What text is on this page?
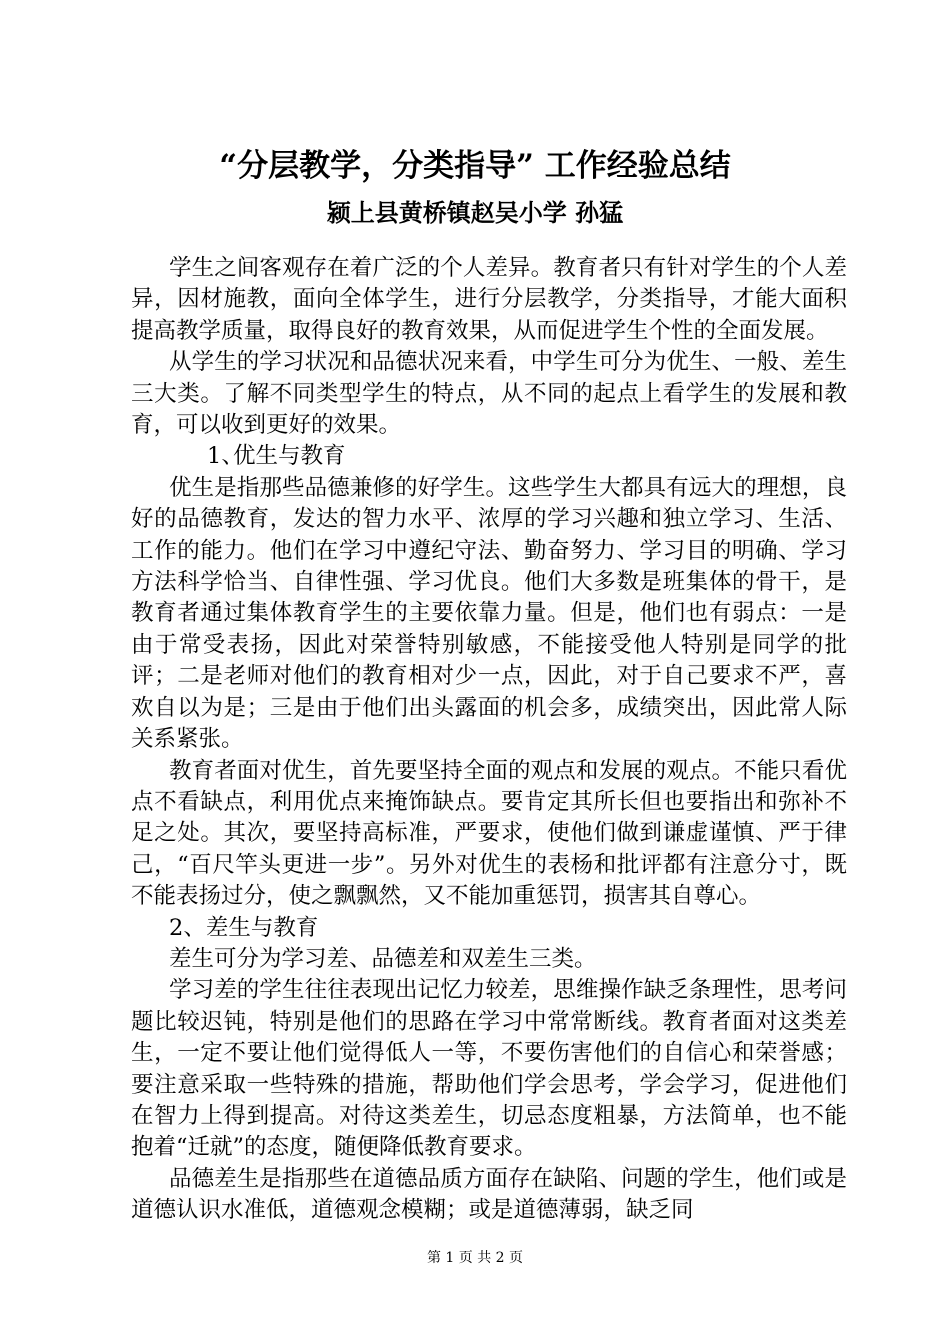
“分层教学，分类指导” 工作经验总结
颍上县黄桥镇赵吴小学 孙猛

学生之间客观存在着广泛的个人差异。教育者只有针对学生的个人差异，因材施教，面向全体学生，进行分层教学，分类指导，才能大面积提高教学质量，取得良好的教育效果，从而促进学生个性的全面发展。

从学生的学习状况和品德状况来看，中学生可分为优生、一般、差生三大类。了解不同类型学生的特点，从不同的起点上看学生的发展和教育，可以收到更好的效果。

1、优生与教育

优生是指那些品德兼修的好学生。这些学生大都具有远大的理想，良好的品德教育，发达的智力水平、浓厚的学习兴趣和独立学习、生活、工作的能力。他们在学习中遵纪守法、勤奋努力、学习目的明确、学习方法科学恰当、自律性强、学习优良。他们大多数是班集体的骨干，是教育者通过集体教育学生的主要依靠力量。但是，他们也有弱点：一是由于常受表扬，因此对荣誉特别敏感，不能接受他人特别是同学的批评；二是老师对他们的教育相对少一点，因此，对于自己要求不严，喜欢自以为是；三是由于他们出头露面的机会多，成绩突出，因此常人际关系紧张。

教育者面对优生，首先要坚持全面的观点和发展的观点。不能只看优点不看缺点，利用优点来掩饰缺点。要肯定其所长但也要指出和弥补不足之处。其次，要坚持高标准，严要求，使他们做到谦虚谨慎、严于律己，“百尺竿头更进一步”。另外对优生的表杨和批评都有注意分寸，既不能表扬过分，使之飘飘然，又不能加重惩罚，损害其自尊心。

2、差生与教育

差生可分为学习差、品德差和双差生三类。

学习差的学生往往表现出记忆力较差，思维操作缺乏条理性，思考问题比较迟钝，特别是他们的思路在学习中常常断线。教育者面对这类差生，一定不要让他们觉得低人一等，不要伤害他们的自信心和荣誉感；要注意采取一些特殊的措施，帮助他们学会思考，学会学习，促进他们在智力上得到提高。对待这类差生，切忌态度粗暴，方法简单，也不能抱着“迁就”的态度，随便降低教育要求。

品德差生是指那些在道德品质方面存在缺陷、问题的学生，他们或是道德认识水准低，道德观念模糊；或是道德薄弱，缺乏同

第 1 页 共 2 页
